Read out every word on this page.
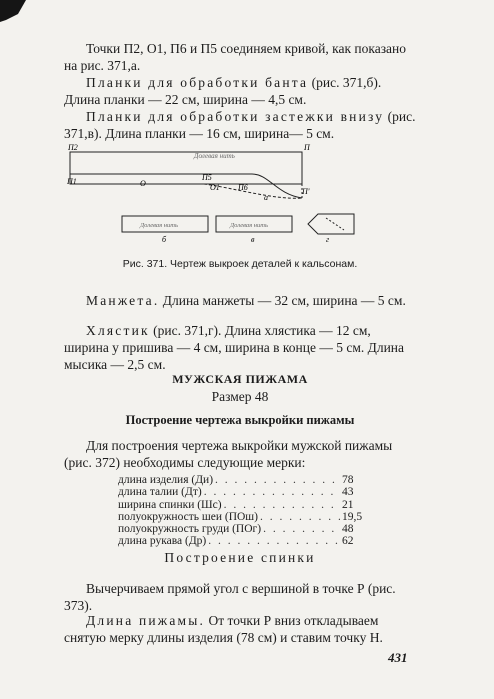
Точки П2, О1, П6 и П5 соединяем кривой, как показано на рис. 371,а.
Планки для обработки банта (рис. 371,б). Длина планки — 22 см, ширина — 4,5 см.
Планки для обработки застежки внизу (рис. 371,в). Длина планки — 16 см, ширина— 5 см.
Долевая нить
П2
П1	О
П5
О1 П6
П
П'
а
Долевая нить
б
Долевая нить
в	г
Рис. 371. Чертеж выкроек деталей к кальсонам.
Манжета. Длина манжеты — 32 см, ширина — 5 см.
Хлястик (рис. 371,г). Длина хлястика — 12 см, ширина у пришива — 4 см, ширина в конце — 5 см. Длина мысика — 2,5 см.
МУЖСКАЯ ПИЖАМА
Размер 48
Построение чертежа выкройки пижамы
Для построения чертежа выкройки мужской пижамы (рис. 372) необходимы следующие мерки:
длина изделия (Ди) . . .	78
длина талии (Дт) . . .	43
ширина спинки (Шс) . . .	21
полуокружность шеи (ПОш) . . .	19,5
полуокружность груди (ПОг) . . .	48
длина рукава (Др) . . .	62
Построение спинки
Вычерчиваем прямой угол с вершиной в точке Р (рис. 373).
Длина пижамы. От точки Р вниз откладываем снятую мерку длины изделия (78 см) и ставим точку Н.
431
